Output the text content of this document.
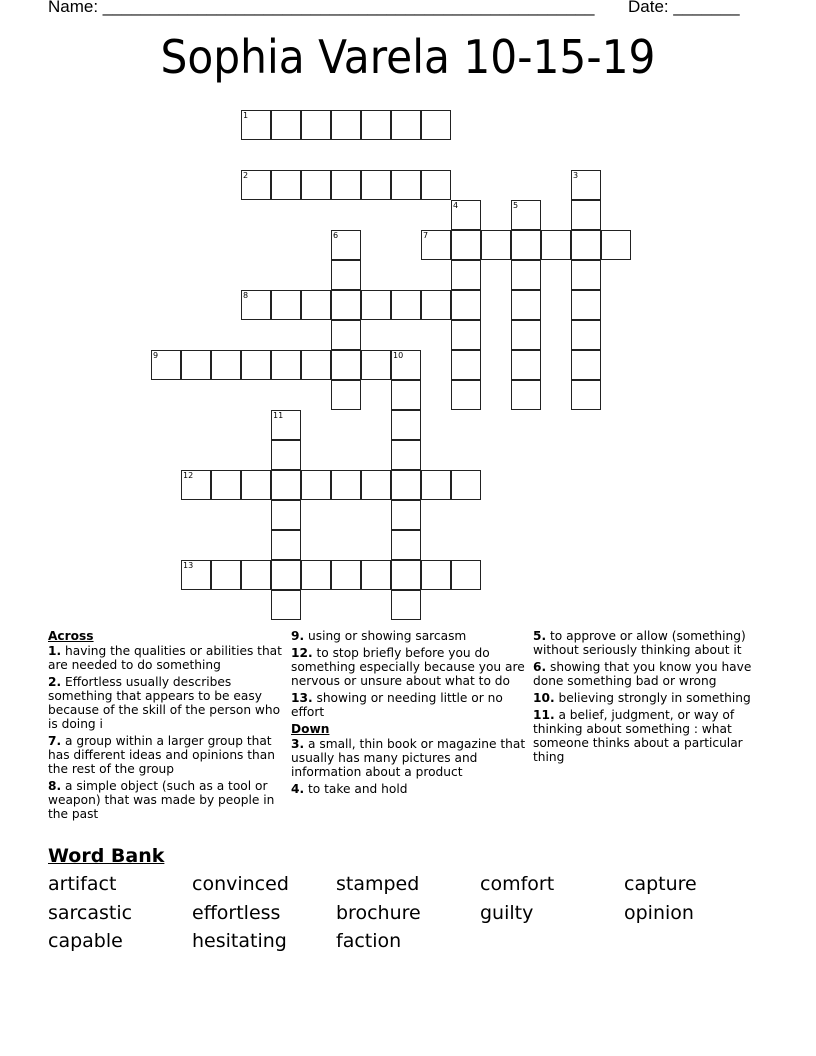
Name: ____________________________________________________ Date: _______
Sophia Varela 10-15-19
1
2	3
4	5
6	7
8
9	10
11
12
13
Across
1. having the qualities or abilities that are needed to do something
2. Effortless usually describes something that appears to be easy because of the skill of the person who is doing i
7. a group within a larger group that has different ideas and opinions than the rest of the group
8. a simple object (such as a tool or weapon) that was made by people in the past
9. using or showing sarcasm
12. to stop briefly before you do something especially because you are nervous or unsure about what to do
13. showing or needing little or no effort
Down
3. a small, thin book or magazine that usually has many pictures and information about a product
4. to take and hold
5. to approve or allow (something) without seriously thinking about it
6. showing that you know you have done something bad or wrong
10. believing strongly in something
11. a belief, judgment, or way of thinking about something : what someone thinks about a particular thing
Word Bank
artifact	convinced	stamped	comfort	capture
sarcastic	effortless	brochure	guilty	opinion
capable	hesitating	faction
